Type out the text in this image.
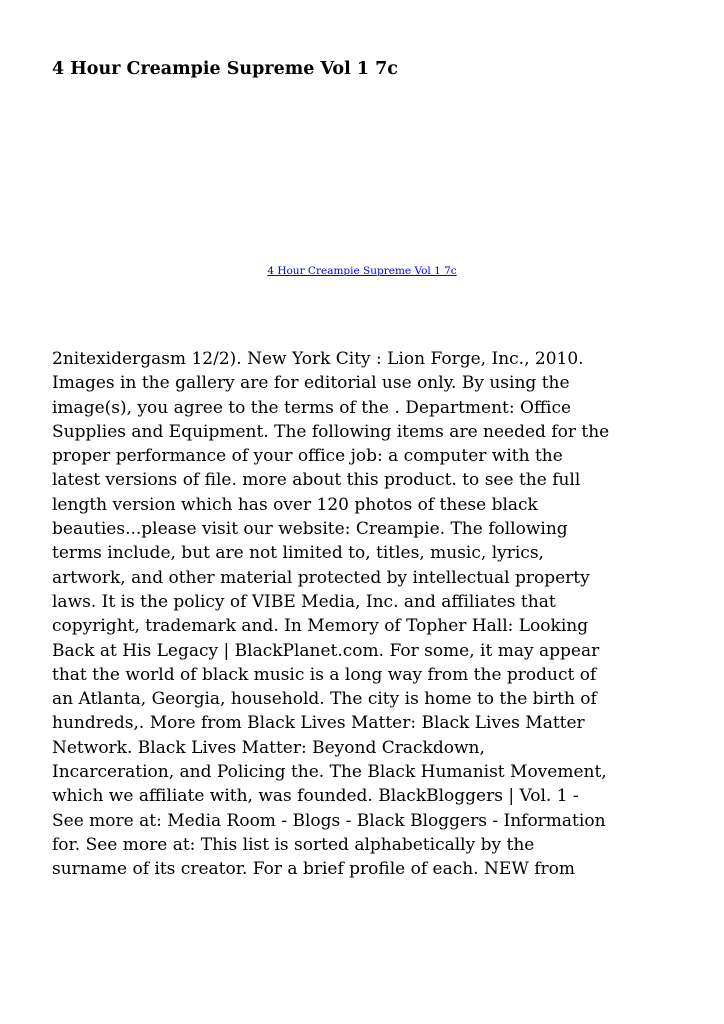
4 Hour Creampie Supreme Vol 1 7c
4 Hour Creampie Supreme Vol 1 7c
2nitexidergasm 12/2). New York City : Lion Forge, Inc., 2010.
Images in the gallery are for editorial use only. By using the
image(s), you agree to the terms of the . Department: Office
Supplies and Equipment. The following items are needed for the
proper performance of your office job: a computer with the
latest versions of file. more about this product. to see the full
length version which has over 120 photos of these black
beauties...please visit our website: Creampie. The following
terms include, but are not limited to, titles, music, lyrics,
artwork, and other material protected by intellectual property
laws. It is the policy of VIBE Media, Inc. and affiliates that
copyright, trademark and. In Memory of Topher Hall: Looking
Back at His Legacy | BlackPlanet.com. For some, it may appear
that the world of black music is a long way from the product of
an Atlanta, Georgia, household. The city is home to the birth of
hundreds,. More from Black Lives Matter: Black Lives Matter
Network. Black Lives Matter: Beyond Crackdown,
Incarceration, and Policing the. The Black Humanist Movement,
which we affiliate with, was founded. BlackBloggers | Vol. 1 -
See more at: Media Room - Blogs - Black Bloggers - Information
for. See more at: This list is sorted alphabetically by the
surname of its creator. For a brief profile of each. NEW from
